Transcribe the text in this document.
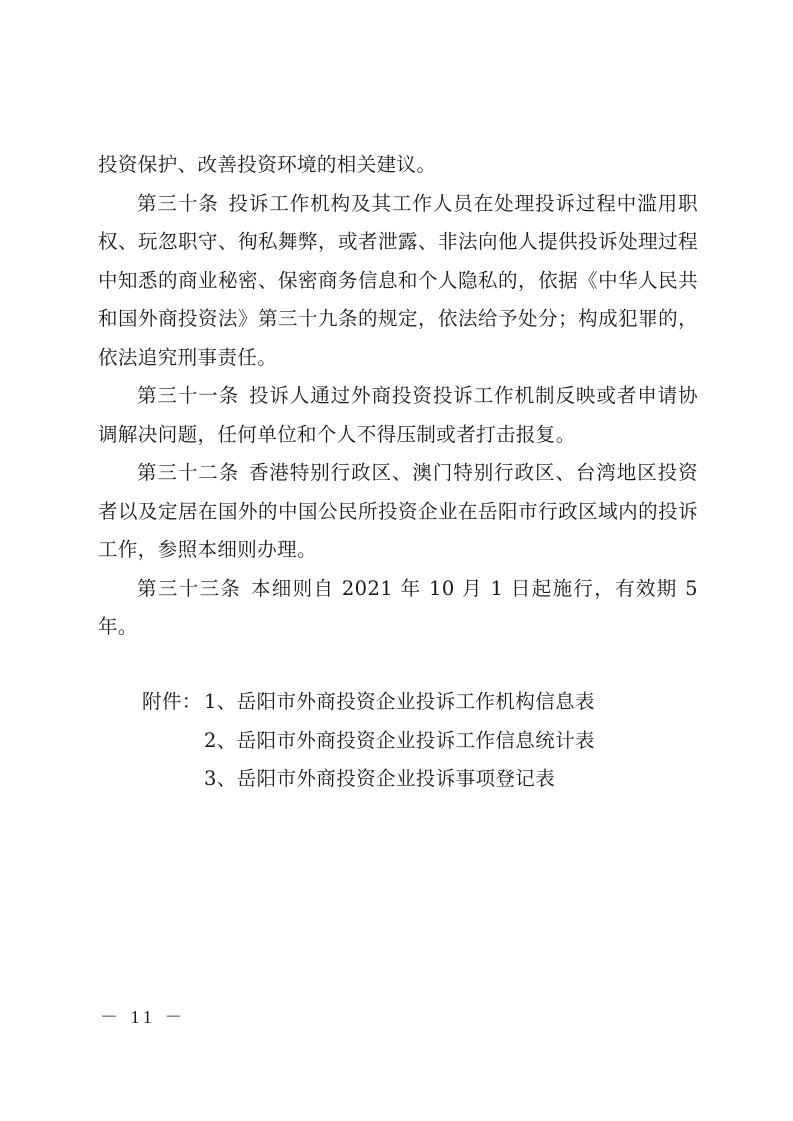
投资保护、改善投资环境的相关建议。

第三十条 投诉工作机构及其工作人员在处理投诉过程中滥用职权、玩忽职守、徇私舞弊，或者泄露、非法向他人提供投诉处理过程中知悉的商业秘密、保密商务信息和个人隐私的，依据《中华人民共和国外商投资法》第三十九条的规定，依法给予处分；构成犯罪的，依法追究刑事责任。

第三十一条 投诉人通过外商投资投诉工作机制反映或者申请协调解决问题，任何单位和个人不得压制或者打击报复。

第三十二条 香港特别行政区、澳门特别行政区、台湾地区投资者以及定居在国外的中国公民所投资企业在岳阳市行政区域内的投诉工作，参照本细则办理。

第三十三条 本细则自 2021 年 10 月 1 日起施行，有效期 5 年。

附件： 1、岳阳市外商投资企业投诉工作机构信息表
2、岳阳市外商投资企业投诉工作信息统计表
3、岳阳市外商投资企业投诉事项登记表
－ 11 －
